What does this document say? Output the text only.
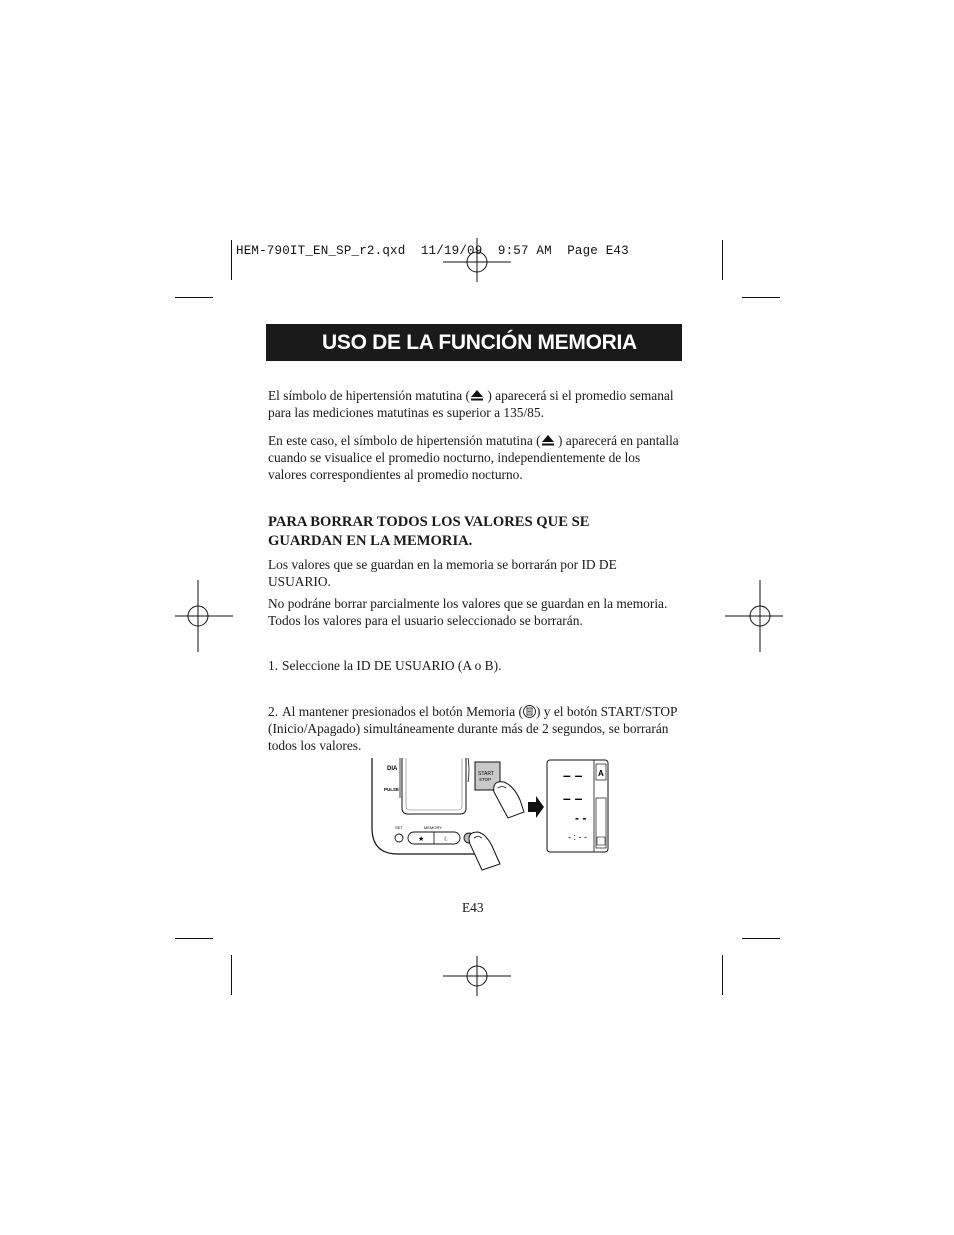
HEM-790IT_EN_SP_r2.qxd 11/19/09 9:57 AM Page E43
USO DE LA FUNCIÓN MEMORIA

El símbolo de hipertensión matutina ( ) aparecerá si el promedio semanal para las mediciones matutinas es superior a 135/85.

En este caso, el símbolo de hipertensión matutina ( ) aparecerá en pantalla cuando se visualice el promedio nocturno, independientemente de los valores correspondientes al promedio nocturno.

PARA BORRAR TODOS LOS VALORES QUE SE
GUARDAN EN LA MEMORIA.

Los valores que se guardan en la memoria se borrarán por ID DE USUARIO.

No podráne borrar parcialmente los valores que se guardan en la memoria. Todos los valores para el usuario seleccionado se borrarán.

1. Seleccione la ID DE USUARIO (A o B).

2. Al mantener presionados el botón Memoria ( ) y el botón START/STOP (Inicio/Apagado) simultáneamente durante más de 2 segundos, se borrarán todos los valores.

DIA
PULSE
SET	MEMORY
★	☾
START
STOP
A
– –
– –
- -
- : - -
E43
